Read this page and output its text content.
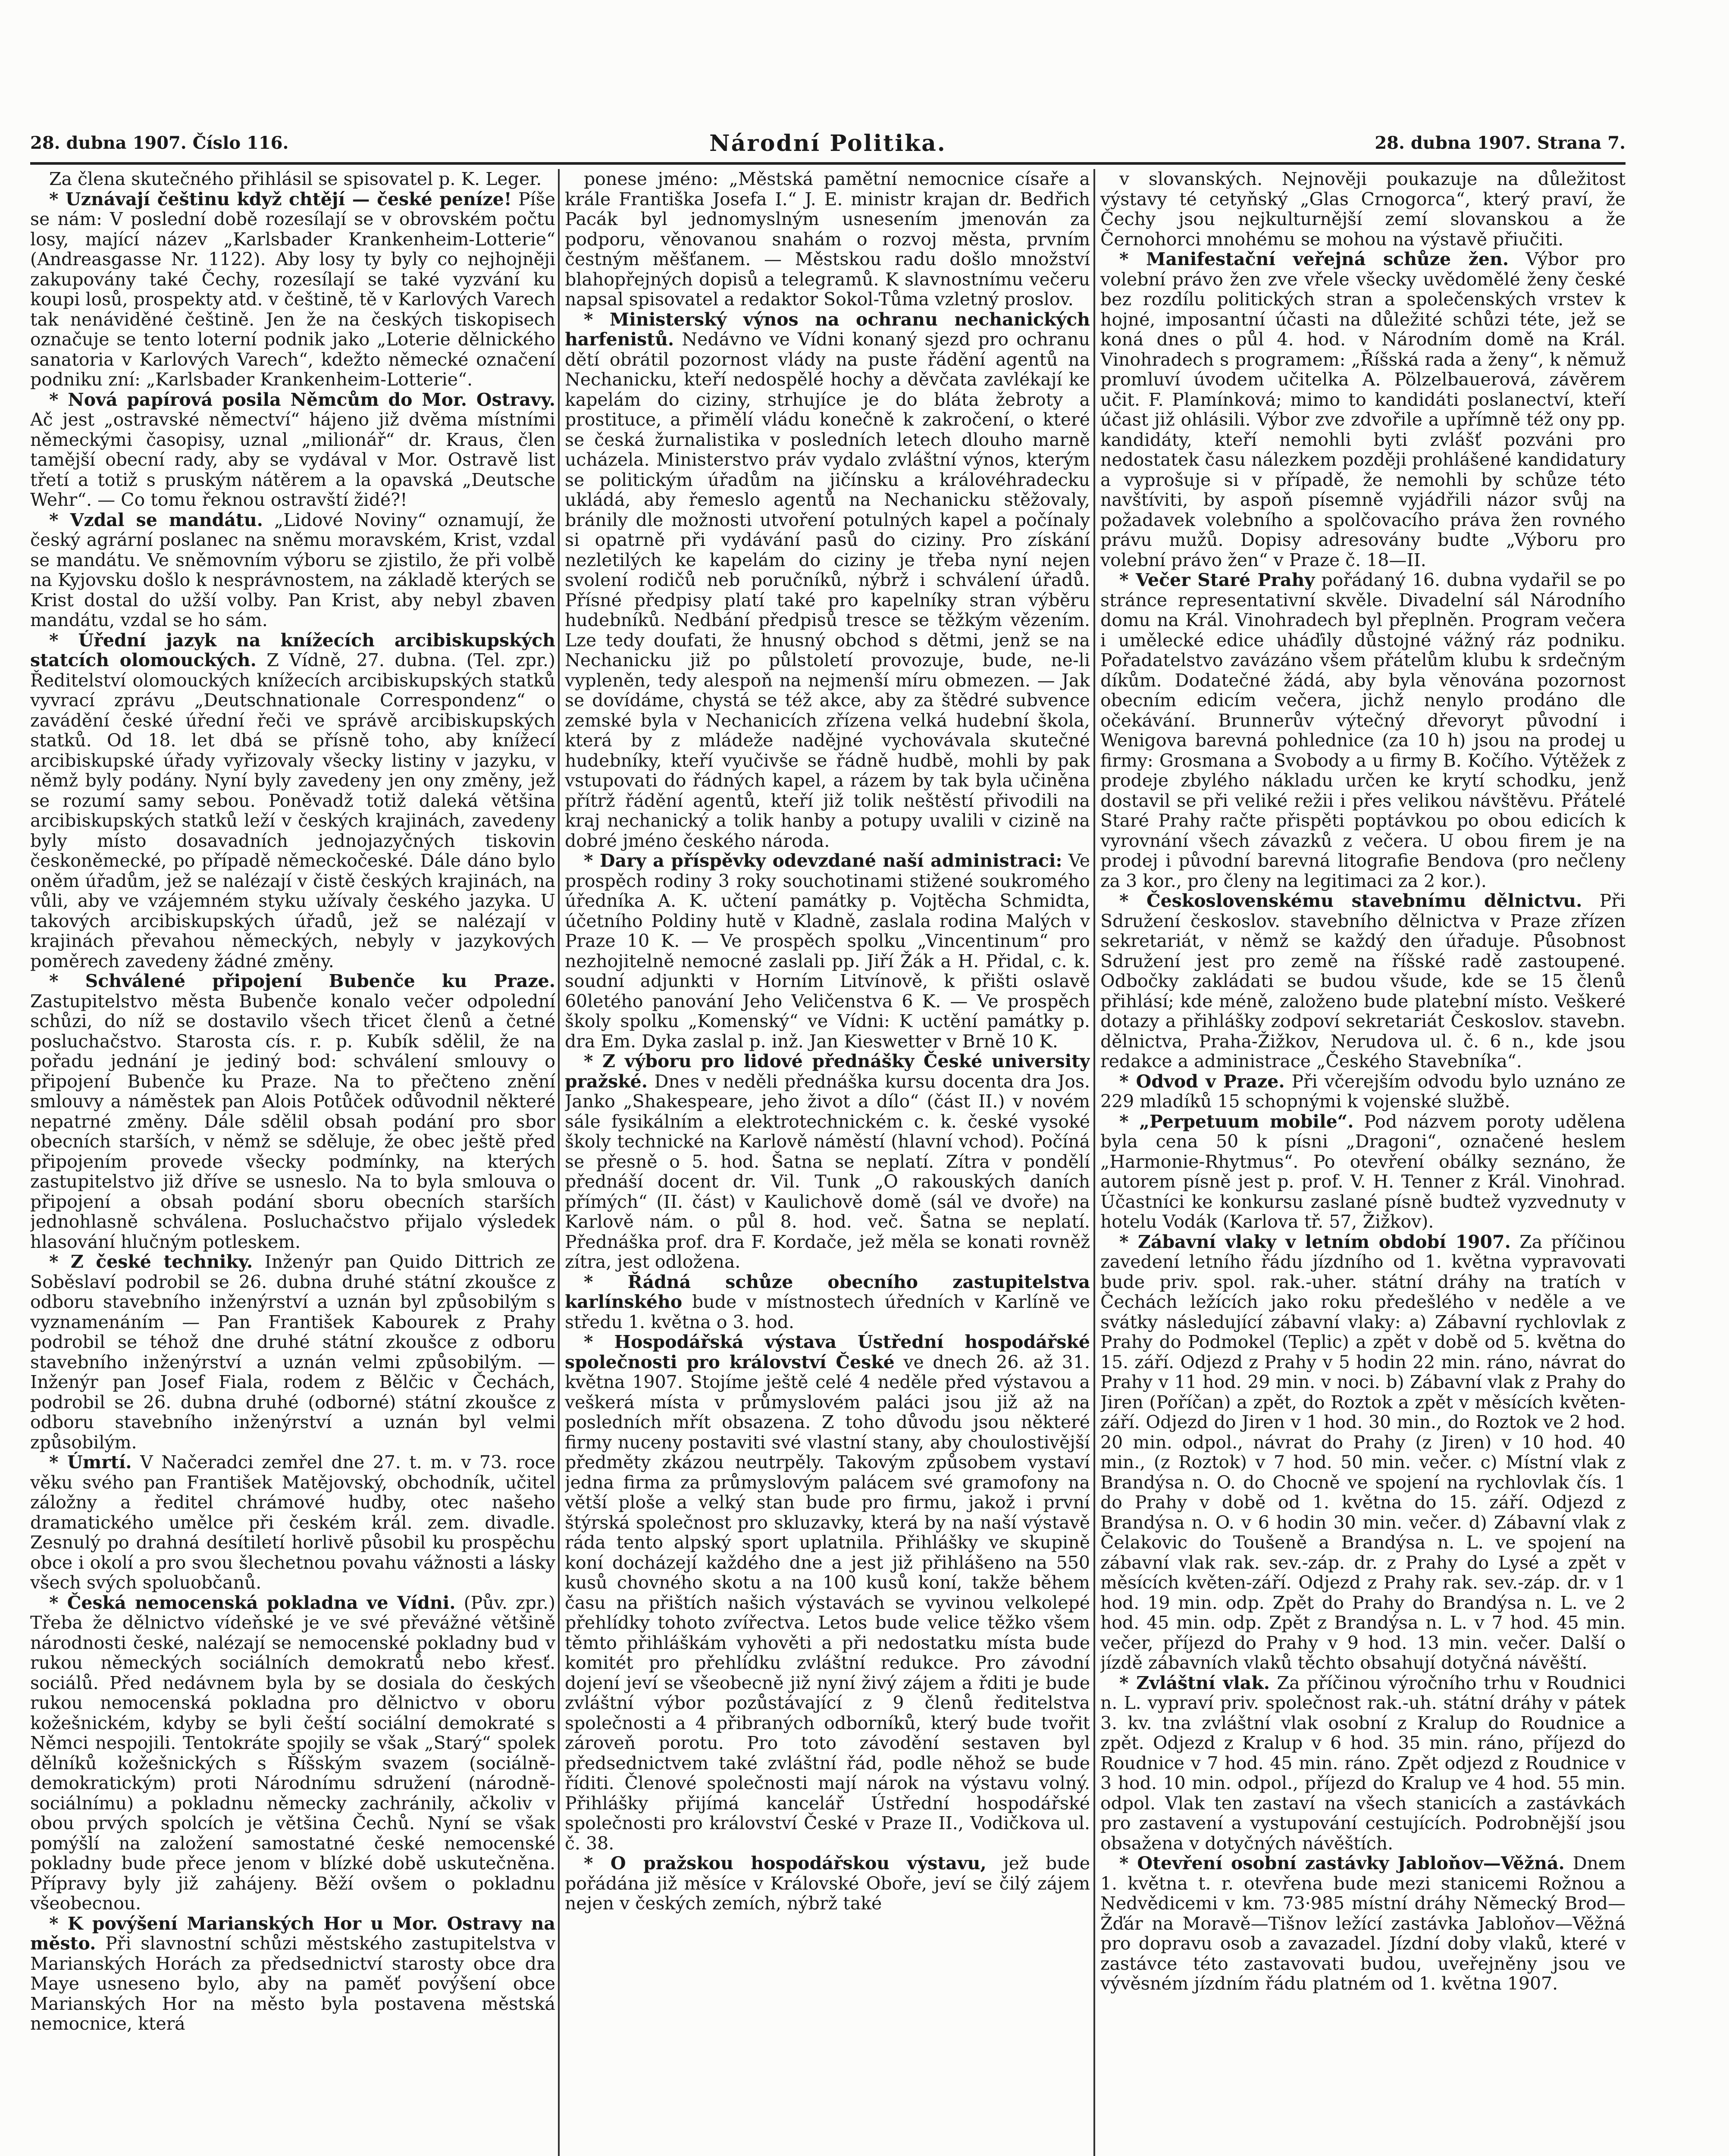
28. dubna 1907. Číslo 116.	Národní Politika.	28. dubna 1907. Strana 7.

Za člena skutečného přihlásil se spisovatel p. K. Leger.

* Uznávají češtinu když chtějí — české peníze! Píše se nám: V poslední době rozesílají se v obrovském počtu losy, mající název „Karlsbader Krankenheim-Lotterie“ (Andreasgasse Nr. 1122). Aby losy ty byly co nejhojněji zakupovány také Čechy, rozesílají se také vyzvání ku koupi losů, prospekty atd. v češtině, tě v Karlových Varech tak nenáviděné češtině. Jen že na českých tiskopisech označuje se tento loterní podnik jako „Loterie dělnického sanatoria v Karlových Varech“, kdežto německé označení podniku zní: „Karlsbader Krankenheim-Lotterie“.

* Nová papírová posila Němcům do Mor. Ostravy. Ač jest „ostravské němectví“ hájeno již dvěma místními německými časopisy, uznal „milionář“ dr. Kraus, člen tamější obecní rady, aby se vydával v Mor. Ostravě list třetí a totiž s pruským nátěrem a la opavská „Deutsche Wehr“. — Co tomu řeknou ostravští židé?!

* Vzdal se mandátu. „Lidové Noviny“ oznamují, že český agrární poslanec na sněmu moravském, Krist, vzdal se mandátu. Ve sněmovním výboru se zjistilo, že při volbě na Kyjovsku došlo k nesprávnostem, na základě kterých se Krist dostal do užší volby. Pan Krist, aby nebyl zbaven mandátu, vzdal se ho sám.

* Úřední jazyk na knížecích arcibiskupských statcích olomouckých. Z Vídně, 27. dubna. (Tel. zpr.) Ředitelství olomouckých knížecích arcibiskupských statků vyvrací zprávu „Deutschnationale Correspondenz“ o zavádění české úřední řeči ve správě arcibiskupských statků. Od 18. let dbá se přísně toho, aby knížecí arcibiskupské úřady vyřizovaly všecky listiny v jazyku, v němž byly podány. Nyní byly zavedeny jen ony změny, jež se rozumí samy sebou. Poněvadž totiž daleká většina arcibiskupských statků leží v českých krajinách, zavedeny byly místo dosavadních jednojazyčných tiskovin českoněmecké, po případě německočeské. Dále dáno bylo oněm úřadům, jež se nalézají v čistě českých krajinách, na vůli, aby ve vzájemném styku užívaly českého jazyka. U takových arcibiskupských úřadů, jež se nalézají v krajinách převahou německých, nebyly v jazykových poměrech zavedeny žádné změny.

* Schválené připojení Bubenče ku Praze. Zastupitelstvo města Bubenče konalo večer odpolední schůzi, do níž se dostavilo všech třicet členů a četné posluchačstvo. Starosta cís. r. p. Kubík sdělil, že na pořadu jednání je jediný bod: schválení smlouvy o připojení Bubenče ku Praze. Na to přečteno znění smlouvy a náměstek pan Alois Potůček odůvodnil některé nepatrné změny. Dále sdělil obsah podání pro sbor obecních starších, v němž se sděluje, že obec ještě před připojením provede všecky podmínky, na kterých zastupitelstvo již dříve se usneslo. Na to byla smlouva o připojení a obsah podání sboru obecních starších jednohlasně schválena. Posluchačstvo přijalo výsledek hlasování hlučným potleskem.

* Z české techniky. Inženýr pan Quido Dittrich ze Soběslaví podrobil se 26. dubna druhé státní zkoušce z odboru stavebního inženýrství a uznán byl způsobilým s vyznamenáním — Pan František Kabourek z Prahy podrobil se téhož dne druhé státní zkoušce z odboru stavebního inženýrství a uznán velmi způsobilým. — Inženýr pan Josef Fiala, rodem z Bělčic v Čechách, podrobil se 26. dubna druhé (odborné) státní zkoušce z odboru stavebního inženýrství a uznán byl velmi způsobilým.

* Úmrtí. V Načeradci zemřel dne 27. t. m. v 73. roce věku svého pan František Matějovský, obchodník, učitel záložny a ředitel chrámové hudby, otec našeho dramatického umělce při českém král. zem. divadle. Zesnulý po drahná desítiletí horlivě působil ku prospěchu obce i okolí a pro svou šlechetnou povahu vážnosti a lásky všech svých spoluobčanů.

* Česká nemocenská pokladna ve Vídni. (Pův. zpr.) Třeba že dělnictvo vídeňské je ve své převážné většině národnosti české, nalézají se nemocenské pokladny bud v rukou německých sociálních demokratů nebo křesť. sociálů. Před nedávnem byla by se dosiala do českých rukou nemocenská pokladna pro dělnictvo v oboru kožešnickém, kdyby se byli čeští sociální demokraté s Němci nespojili. Tentokráte spojily se však „Starý“ spolek dělníků kožešnických s Říšským svazem (sociálně-demokratickým) proti Národnímu sdružení (národně-sociálnímu) a pokladnu německy zachránily, ačkoliv v obou prvých spolcích je většina Čechů. Nyní se však pomýšlí na založení samostatné české nemocenské pokladny bude přece jenom v blízké době uskutečněna. Přípravy byly již zahájeny. Běží ovšem o pokladnu všeobecnou.

* K povýšení Marianských Hor u Mor. Ostravy na město. Při slavnostní schůzi městského zastupitelstva v Marianských Horách za předsednictví starosty obce dra Maye usneseno bylo, aby na paměť povýšení obce Marianských Hor na město byla postavena městská nemocnice, která

ponese jméno: „Městská pamětní nemocnice císaře a krále Františka Josefa I.“ J. E. ministr krajan dr. Bedřich Pacák byl jednomyslným usnesením jmenován za podporu, věnovanou snahám o rozvoj města, prvním čestným měšťanem. — Městskou radu došlo množství blahopřejných dopisů a telegramů. K slavnostnímu večeru napsal spisovatel a redaktor Sokol-Tůma vzletný proslov.

* Ministerský výnos na ochranu nechanických harfenistů. Nedávno ve Vídni konaný sjezd pro ochranu dětí obrátil pozornost vlády na puste řádění agentů na Nechanicku, kteří nedospělé hochy a děvčata zavlékají ke kapelám do ciziny, strhujíce je do bláta žebroty a prostituce, a přimělí vládu konečně k zakročení, o které se česká žurnalistika v posledních letech dlouho marně ucházela. Ministerstvo práv vydalo zvláštní výnos, kterým se politickým úřadům na jičínsku a královéhradecku ukládá, aby řemeslo agentů na Nechanicku stěžovaly, bránily dle možnosti utvoření potulných kapel a počínaly si opatrně při vydávání pasů do ciziny. Pro získání nezletilých ke kapelám do ciziny je třeba nyní nejen svolení rodičů neb poručníků, nýbrž i schválení úřadů. Přísné předpisy platí také pro kapelníky stran výběru hudebníků. Nedbání předpisů tresce se těžkým vězením. Lze tedy doufati, že hnusný obchod s dětmi, jenž se na Nechanicku již po půlstoletí provozuje, bude, ne-li vypleněn, tedy alespoň na nejmenší míru obmezen. — Jak se dovídáme, chystá se též akce, aby za štědré subvence zemské byla v Nechanicích zřízena velká hudební škola, která by z mládeže nadějné vychovávala skutečné hudebníky, kteří vyučivše se řádně hudbě, mohli by pak vstupovati do řádných kapel, a rázem by tak byla učiněna přítrž řádění agentů, kteří již tolik neštěstí přivodili na kraj nechanický a tolik hanby a potupy uvalili v cizině na dobré jméno českého národa.

* Dary a příspěvky odevzdané naší administraci: Ve prospěch rodiny 3 roky souchotinami stižené soukromého úředníka A. K. učtení památky p. Vojtěcha Schmidta, účetního Poldiny hutě v Kladně, zaslala rodina Malých v Praze 10 K. — Ve prospěch spolku „Vincentinum“ pro nezhojitelně nemocné zaslali pp. Jiří Žák a H. Přidal, c. k. soudní adjunkti v Horním Litvínově, k přišti oslavě 60letého panování Jeho Veličenstva 6 K. — Ve prospěch školy spolku „Komenský“ ve Vídni: K uctění památky p. dra Em. Dyka zaslal p. inž. Jan Kieswetter v Brně 10 K.

* Z výboru pro lidové přednášky České university pražské. Dnes v neděli přednáška kursu docenta dra Jos. Janko „Shakespeare, jeho život a dílo“ (část II.) v novém sále fysikálním a elektrotechnickém c. k. české vysoké školy technické na Karlově náměstí (hlavní vchod). Počíná se přesně o 5. hod. Šatna se neplatí. Zítra v pondělí přednáší docent dr. Vil. Tunk „O rakouských daních přímých“ (II. část) v Kaulichově domě (sál ve dvoře) na Karlově nám. o půl 8. hod. več. Šatna se neplatí. Přednáška prof. dra F. Kordače, jež měla se konati rovněž zítra, jest odložena.

* Řádná schůze obecního zastupitelstva karlínského bude v místnostech úředních v Karlíně ve středu 1. května o 3. hod.

* Hospodářská výstava Ústřední hospodářské společnosti pro království České ve dnech 26. až 31. května 1907. Stojíme ještě celé 4 neděle před výstavou a veškerá místa v průmyslovém paláci jsou již až na posledních mřít obsazena. Z toho důvodu jsou některé firmy nuceny postaviti své vlastní stany, aby choulostivější předměty zkázou neutrpěly. Takovým způsobem vystaví jedna firma za průmyslovým palácem své gramofony na větší ploše a velký stan bude pro firmu, jakož i první štýrská společnost pro skluzavky, která by na naší výstavě ráda tento alpský sport uplatnila. Přihlášky ve skupině koní docházejí každého dne a jest již přihlášeno na 550 kusů chovného skotu a na 100 kusů koní, takže během času na přištích našich výstavách se vyvinou velkolepé přehlídky tohoto zvířectva. Letos bude velice těžko všem těmto přihláškám vyhověti a při nedostatku místa bude komitét pro přehlídku zvláštní redukce. Pro závodní dojení jeví se všeobecně již nyní živý zájem a řditi je bude zvláštní výbor pozůstávající z 9 členů ředitelstva společnosti a 4 přibraných odborníků, který bude tvořit zároveň porotu. Pro toto závodění sestaven byl předsednictvem také zvláštní řád, podle něhož se bude říditi. Členové společnosti mají nárok na výstavu volný. Přihlášky přijímá kancelář Ústřední hospodářské společnosti pro království České v Praze II., Vodičkova ul. č. 38.

* O pražskou hospodářskou výstavu, jež bude pořádána již měsíce v Královské Oboře, jeví se čilý zájem nejen v českých zemích, nýbrž také

v slovanských. Nejnověji poukazuje na důležitost výstavy té cetyňský „Glas Crnogorca“, který praví, že Čechy jsou nejkulturnější zemí slovanskou a že Černohorci mnohému se mohou na výstavě přiučiti.

* Manifestační veřejná schůze žen. Výbor pro volební právo žen zve vřele všecky uvědomělé ženy české bez rozdílu politických stran a společenských vrstev k hojné, imposantní účasti na důležité schůzi téte, jež se koná dnes o půl 4. hod. v Národním domě na Král. Vinohradech s programem: „Říšská rada a ženy“, k němuž promluví úvodem učitelka A. Pölzelbauerová, závěrem učit. F. Plamínková; mimo to kandidáti poslanectví, kteří účast již ohlásili. Výbor zve zdvořile a upřímně též ony pp. kandidáty, kteří nemohli byti zvlášť pozváni pro nedostatek času nálezkem později prohlášené kandidatury a vyprošuje si v případě, že nemohli by schůze této navštíviti, by aspoň písemně vyjádřili názor svůj na požadavek volebního a spolčovacího práva žen rovného právu mužů. Dopisy adresovány budte „Výboru pro volební právo žen“ v Praze č. 18—II.

* Večer Staré Prahy pořádaný 16. dubna vydařil se po stránce representativní skvěle. Divadelní sál Národního domu na Král. Vinohradech byl přeplněn. Program večera i umělecké edice uháďily důstojné vážný ráz podniku. Pořadatelstvo zavázáno všem přátelům klubu k srdečným díkům. Dodatečné žádá, aby byla věnována pozornost obecním edicím večera, jichž nenylo prodáno dle očekávání. Brunnerův výtečný dřevoryt původní i Wenigova barevná pohlednice (za 10 h) jsou na prodej u firmy: Grosmana a Svobody a u firmy B. Kočího. Výtěžek z prodeje zbylého nákladu určen ke krytí schodku, jenž dostavil se při veliké režii i přes velikou návštěvu. Přátelé Staré Prahy račte přispěti poptávkou po obou edicích k vyrovnání všech závazků z večera. U obou firem je na prodej i původní barevná litografie Bendova (pro nečleny za 3 kor., pro členy na legitimaci za 2 kor.).

* Československému stavebnímu dělnictvu. Při Sdružení českoslov. stavebního dělnictva v Praze zřízen sekretariát, v němž se každý den úřaduje. Působnost Sdružení jest pro země na říšské radě zastoupené. Odbočky zakládati se budou všude, kde se 15 členů přihlásí; kde méně, založeno bude platební místo. Veškeré dotazy a přihlášky zodpoví sekretariát Českoslov. stavebn. dělnictva, Praha-Žižkov, Nerudova ul. č. 6 n., kde jsou redakce a administrace „Českého Stavebníka“.

* Odvod v Praze. Při včerejším odvodu bylo uznáno ze 229 mladíků 15 schopnými k vojenské službě.

* „Perpetuum mobile“. Pod názvem poroty udělena byla cena 50 k písni „Dragoni“, označené heslem „Harmonie-Rhytmus“. Po otevření obálky seznáno, že autorem písně jest p. prof. V. H. Tenner z Král. Vinohrad. Účastníci ke konkursu zaslané písně budtež vyzvednuty v hotelu Vodák (Karlova tř. 57, Žižkov).

* Zábavní vlaky v letním období 1907. Za příčinou zavedení letního řádu jízdního od 1. května vypravovati bude priv. spol. rak.-uher. státní dráhy na tratích v Čechách ležících jako roku předešlého v neděle a ve svátky následující zábavní vlaky: a) Zábavní rychlovlak z Prahy do Podmokel (Teplic) a zpět v době od 5. května do 15. září. Odjezd z Prahy v 5 hodin 22 min. ráno, návrat do Prahy v 11 hod. 29 min. v noci. b) Zábavní vlak z Prahy do Jiren (Poříčan) a zpět, do Roztok a zpět v měsících květen-září. Odjezd do Jiren v 1 hod. 30 min., do Roztok ve 2 hod. 20 min. odpol., návrat do Prahy (z Jiren) v 10 hod. 40 min., (z Roztok) v 7 hod. 50 min. večer. c) Místní vlak z Brandýsa n. O. do Chocně ve spojení na rychlovlak čís. 1 do Prahy v době od 1. května do 15. září. Odjezd z Brandýsa n. O. v 6 hodin 30 min. večer. d) Zábavní vlak z Čelakovic do Toušeně a Brandýsa n. L. ve spojení na zábavní vlak rak. sev.-záp. dr. z Prahy do Lysé a zpět v měsících květen-září. Odjezd z Prahy rak. sev.-záp. dr. v 1 hod. 19 min. odp. Zpět do Prahy do Brandýsa n. L. ve 2 hod. 45 min. odp. Zpět z Brandýsa n. L. v 7 hod. 45 min. večer, příjezd do Prahy v 9 hod. 13 min. večer. Další o jízdě zábavních vlaků těchto obsahují dotyčná návěští.

* Zvláštní vlak. Za příčinou výročního trhu v Roudnici n. L. vypraví priv. společnost rak.-uh. státní dráhy v pátek 3. kv. tna zvláštní vlak osobní z Kralup do Roudnice a zpět. Odjezd z Kralup v 6 hod. 35 min. ráno, příjezd do Roudnice v 7 hod. 45 min. ráno. Zpět odjezd z Roudnice v 3 hod. 10 min. odpol., příjezd do Kralup ve 4 hod. 55 min. odpol. Vlak ten zastaví na všech stanicích a zastávkách pro zastavení a vystupování cestujících. Podrobnější jsou obsažena v dotyčných návěštích.

* Otevření osobní zastávky Jabloňov—Věžná. Dnem 1. května t. r. otevřena bude mezi stanicemi Rožnou a Nedvědicemi v km. 73·985 místní dráhy Německý Brod—Žďár na Moravě—Tišnov ležící zastávka Jabloňov—Věžná pro dopravu osob a zavazadel. Jízdní doby vlaků, které v zastávce této zastavovati budou, uveřejněny jsou ve vývěsném jízdním řádu platném od 1. května 1907.
